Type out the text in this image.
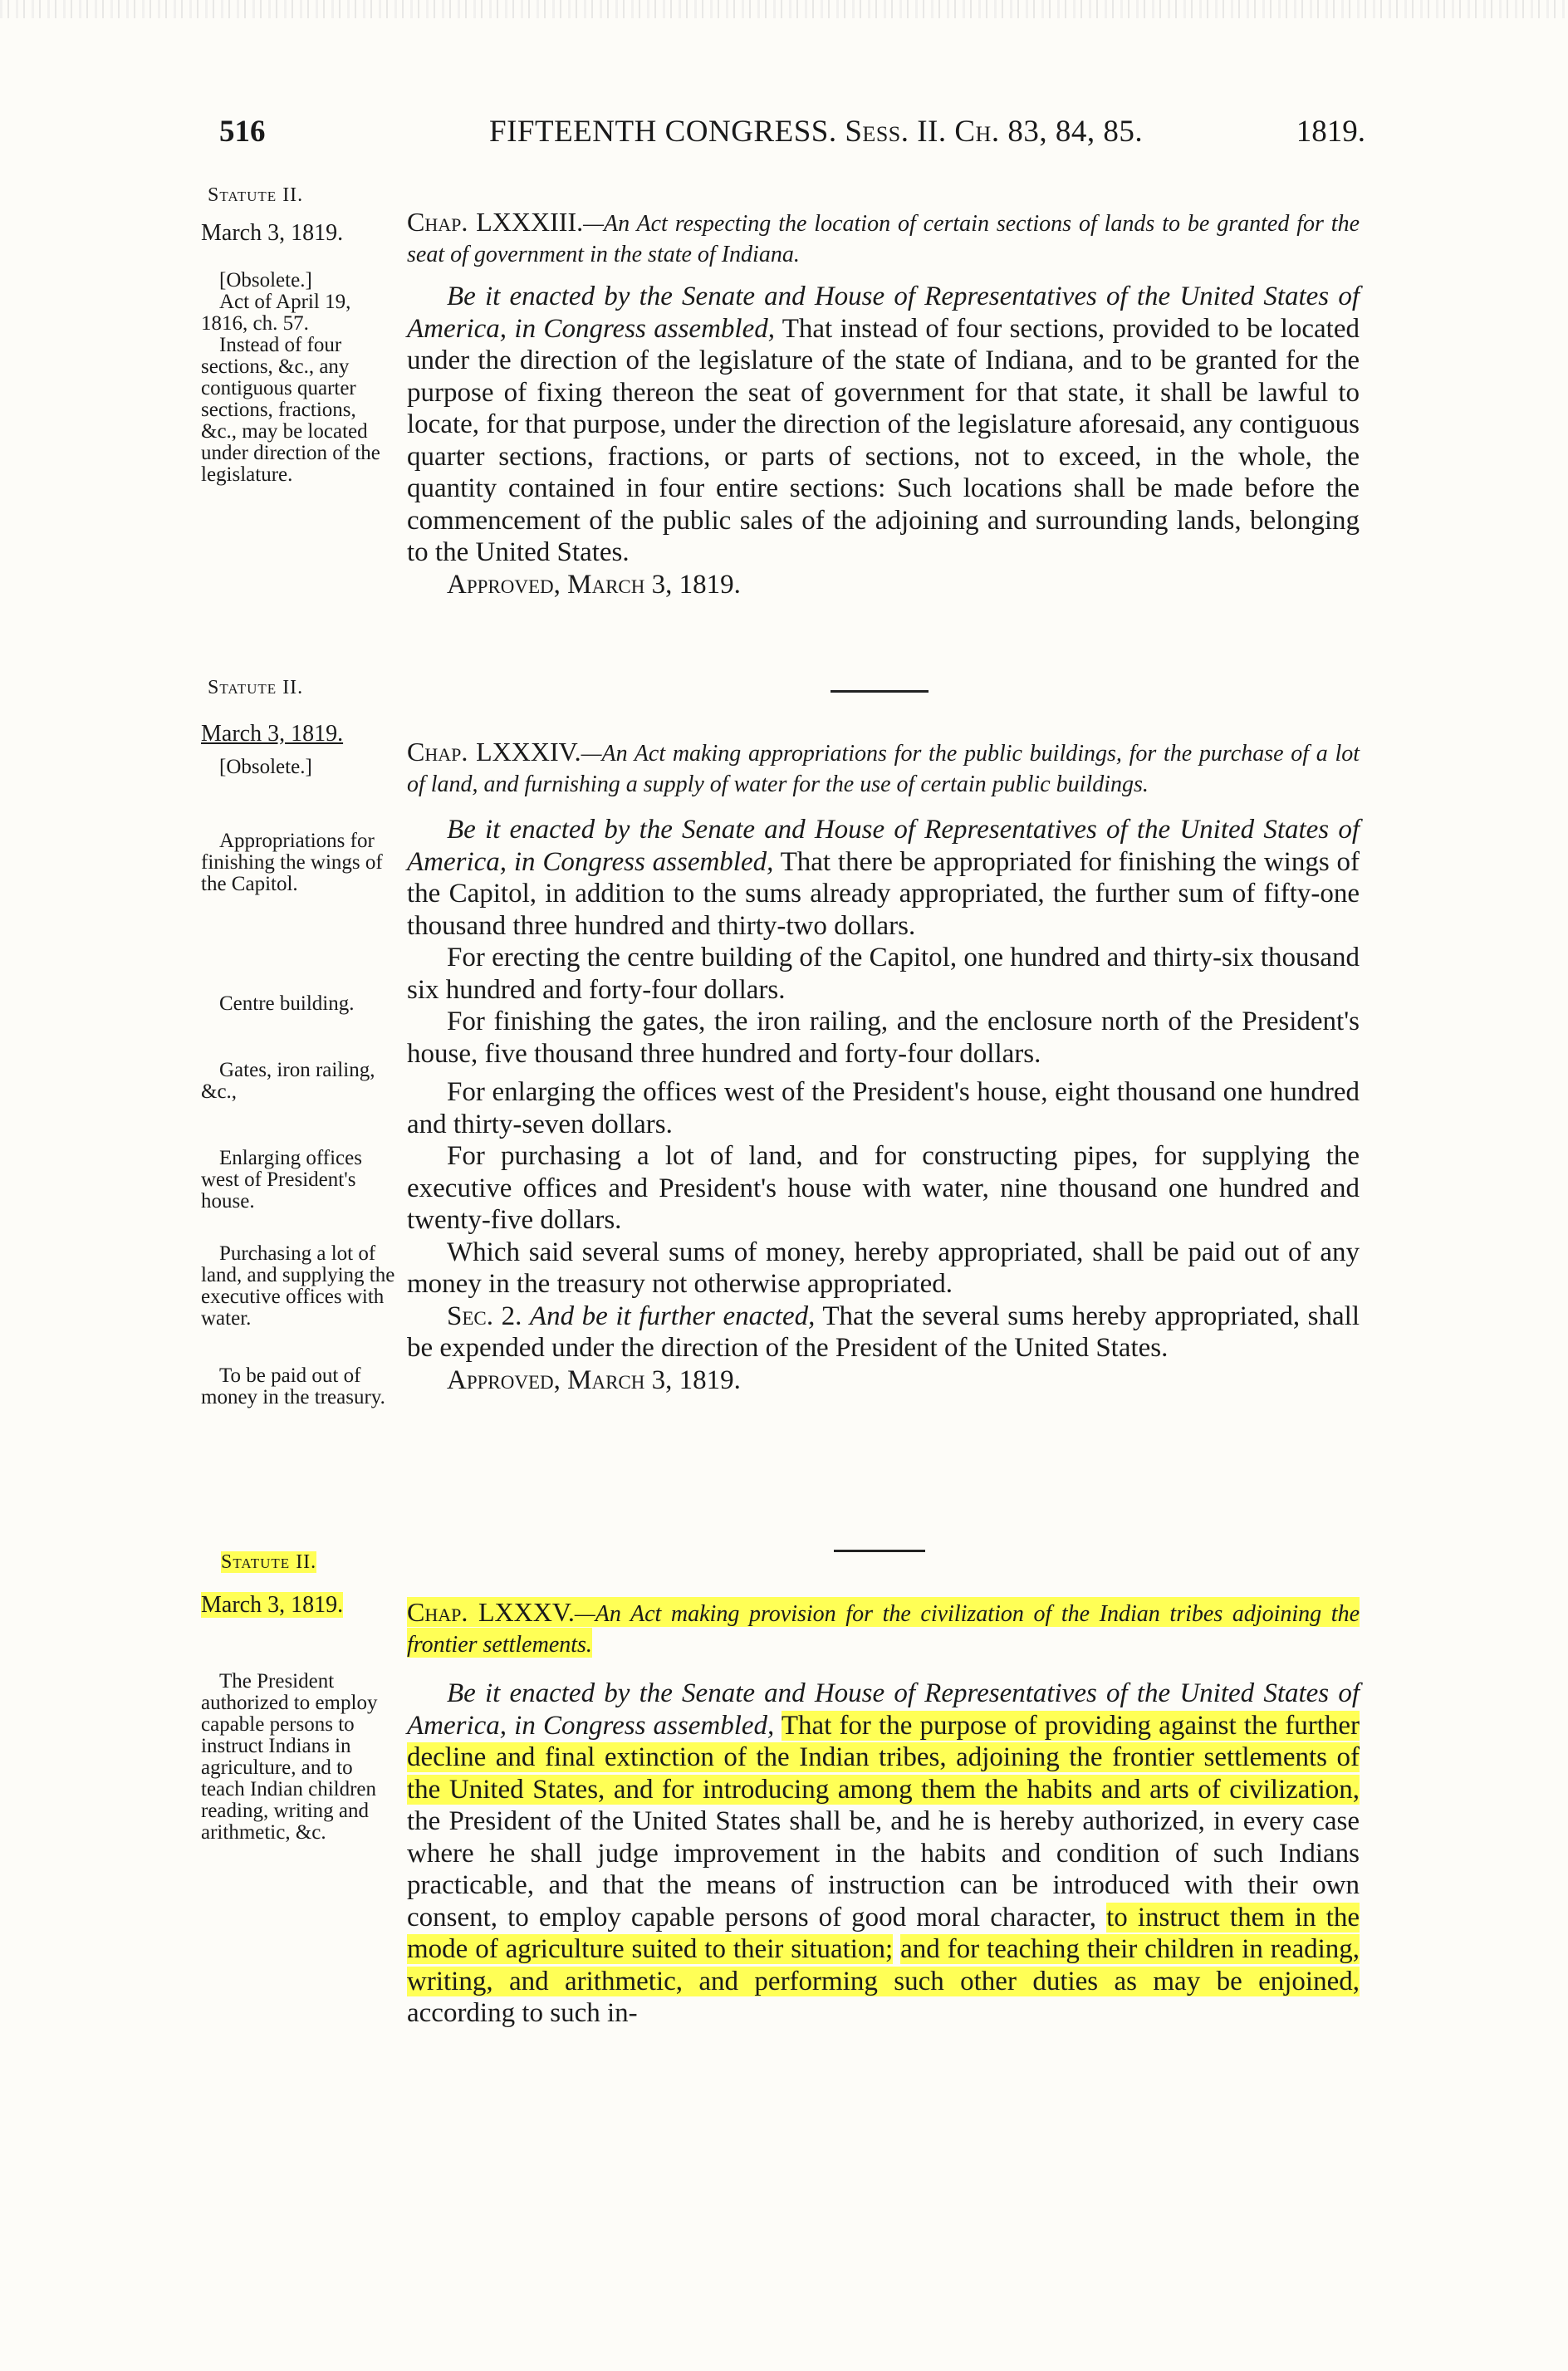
516	FIFTEENTH CONGRESS. Sess. II. Ch. 83, 84, 85.	1819.
Statute II.
March 3, 1819.
[Obsolete.]
Act of April 19, 1816, ch. 57.
Instead of four sections, &c., any contiguous quarter sections, fractions, &c., may be located under direction of the legislature.
Chap. LXXXIII.—An Act respecting the location of certain sections of lands to be granted for the seat of government in the state of Indiana.

Be it enacted by the Senate and House of Representatives of the United States of America, in Congress assembled, That instead of four sections, provided to be located under the direction of the legislature of the state of Indiana, and to be granted for the purpose of fixing thereon the seat of government for that state, it shall be lawful to locate, for that purpose, under the direction of the legislature aforesaid, any contiguous quarter sections, fractions, or parts of sections, not to exceed, in the whole, the quantity contained in four entire sections: Such locations shall be made before the commencement of the public sales of the adjoining and surrounding lands, belonging to the United States.

Approved, March 3, 1819.

Statute II.
March 3, 1819.
[Obsolete.]
Chap. LXXXIV.—An Act making appropriations for the public buildings, for the purchase of a lot of land, and furnishing a supply of water for the use of certain public buildings.

Be it enacted by the Senate and House of Representatives of the United States of America, in Congress assembled, That there be appropriated for finishing the wings of the Capitol, in addition to the sums already appropriated, the further sum of fifty-one thousand three hundred and thirty-two dollars.

For erecting the centre building of the Capitol, one hundred and thirty-six thousand six hundred and forty-four dollars.

For finishing the gates, the iron railing, and the enclosure north of the President's house, five thousand three hundred and forty-four dollars.

For enlarging the offices west of the President's house, eight thousand one hundred and thirty-seven dollars.

For purchasing a lot of land, and for constructing pipes, for supplying the executive offices and President's house with water, nine thousand one hundred and twenty-five dollars.

Which said several sums of money, hereby appropriated, shall be paid out of any money in the treasury not otherwise appropriated.

Sec. 2. And be it further enacted, That the several sums hereby appropriated, shall be expended under the direction of the President of the United States.

Approved, March 3, 1819.

Appropriations for finishing the wings of the Capitol.
Centre building.
Gates, iron railing, &c.,
Enlarging offices west of President's house.
Purchasing a lot of land, and supplying the executive offices with water.
To be paid out of money in the treasury.
Statute II.
March 3, 1819.
The President authorized to employ capable persons to instruct Indians in agriculture, and to teach Indian children reading, writing and arithmetic, &c.
Chap. LXXXV.—An Act making provision for the civilization of the Indian tribes adjoining the frontier settlements.

Be it enacted by the Senate and House of Representatives of the United States of America, in Congress assembled, That for the purpose of providing against the further decline and final extinction of the Indian tribes, adjoining the frontier settlements of the United States, and for introducing among them the habits and arts of civilization, the President of the United States shall be, and he is hereby authorized, in every case where he shall judge improvement in the habits and condition of such Indians practicable, and that the means of instruction can be introduced with their own consent, to employ capable persons of good moral character, to instruct them in the mode of agriculture suited to their situation; and for teaching their children in reading, writing, and arithmetic, and performing such other duties as may be enjoined, according to such in-
